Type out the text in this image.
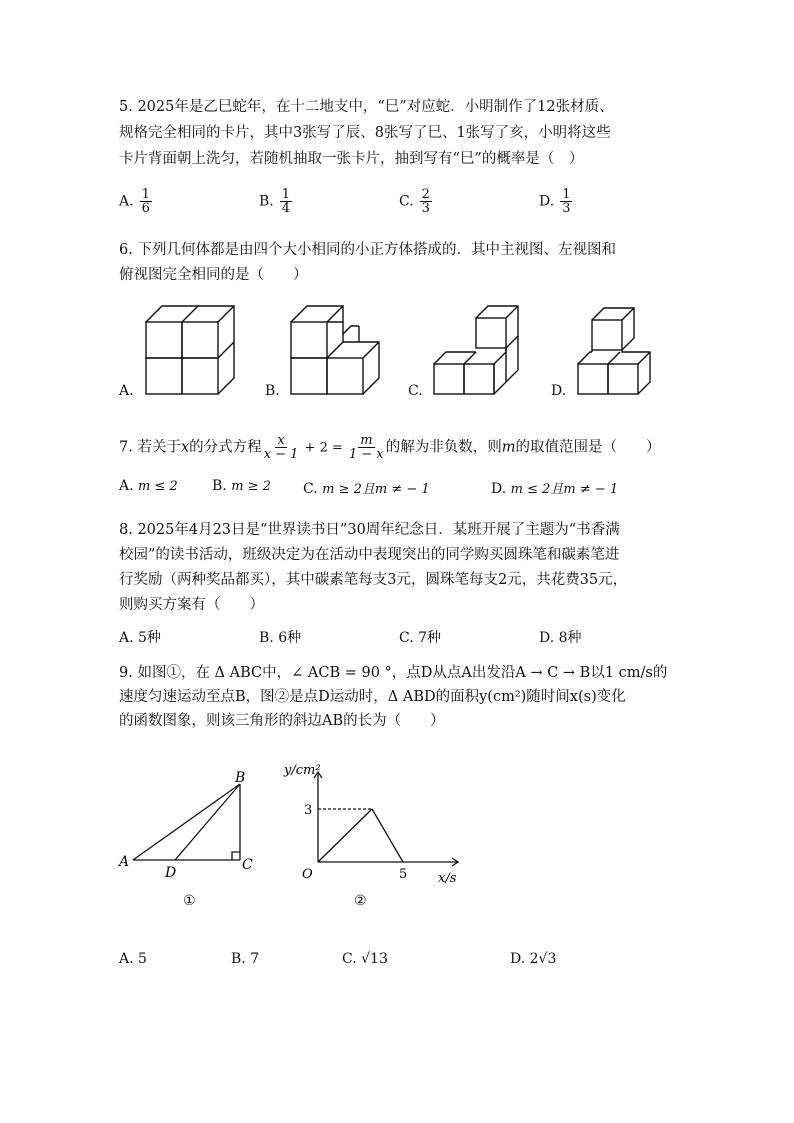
5. 2025年是乙巳蛇年，在十二地支中，“巳”对应蛇．小明制作了12张材质、
规格完全相同的卡片，其中3张写了辰、8张写了巳、1张写了亥，小明将这些
卡片背面朝上洗匀，若随机抽取一张卡片，抽到写有“巳”的概率是（　）
A. $\frac{1}{6}$	B. $\frac{1}{4}$	C. $\frac{2}{3}$	D. $\frac{1}{3}$
6. 下列几何体都是由四个大小相同的小正方体搭成的．其中主视图、左视图和
俯视图完全相同的是（　　）
A.	B.	C.	D.
7. 若关于x的分式方程 $\frac{x}{x - 1} + 2 = \frac{m}{1 - x}$ 的解为非负数，则m的取值范围是（　　）
A. m ≤ 2 B. m ≥ 2 C. m ≥ 2且m ≠ − 1	D. m ≤ 2且m ≠ − 1
8. 2025年4月23日是“世界读书日”30周年纪念日．某班开展了主题为“书香满
校园”的读书活动，班级决定为在活动中表现突出的同学购买圆珠笔和碳素笔进
行奖励（两种奖品都买），其中碳素笔每支3元，圆珠笔每支2元，共花费35元，
则购买方案有（　　）
A. 5种	B. 6种	C. 7种	D. 8种
9. 如图①，在 Δ ABC中，∠ ACB = 90 °，点D从点A出发沿A → C → B以1 cm/s的
速度匀速运动至点B，图②是点D运动时，Δ ABD的面积y(cm²)随时间x(s)变化
的函数图象，则该三角形的斜边AB的长为（　　）
A
B
C
D
①
y/cm²
x/s
O
3
5
②
A. 5	B. 7	C. √13	D. 2√3
